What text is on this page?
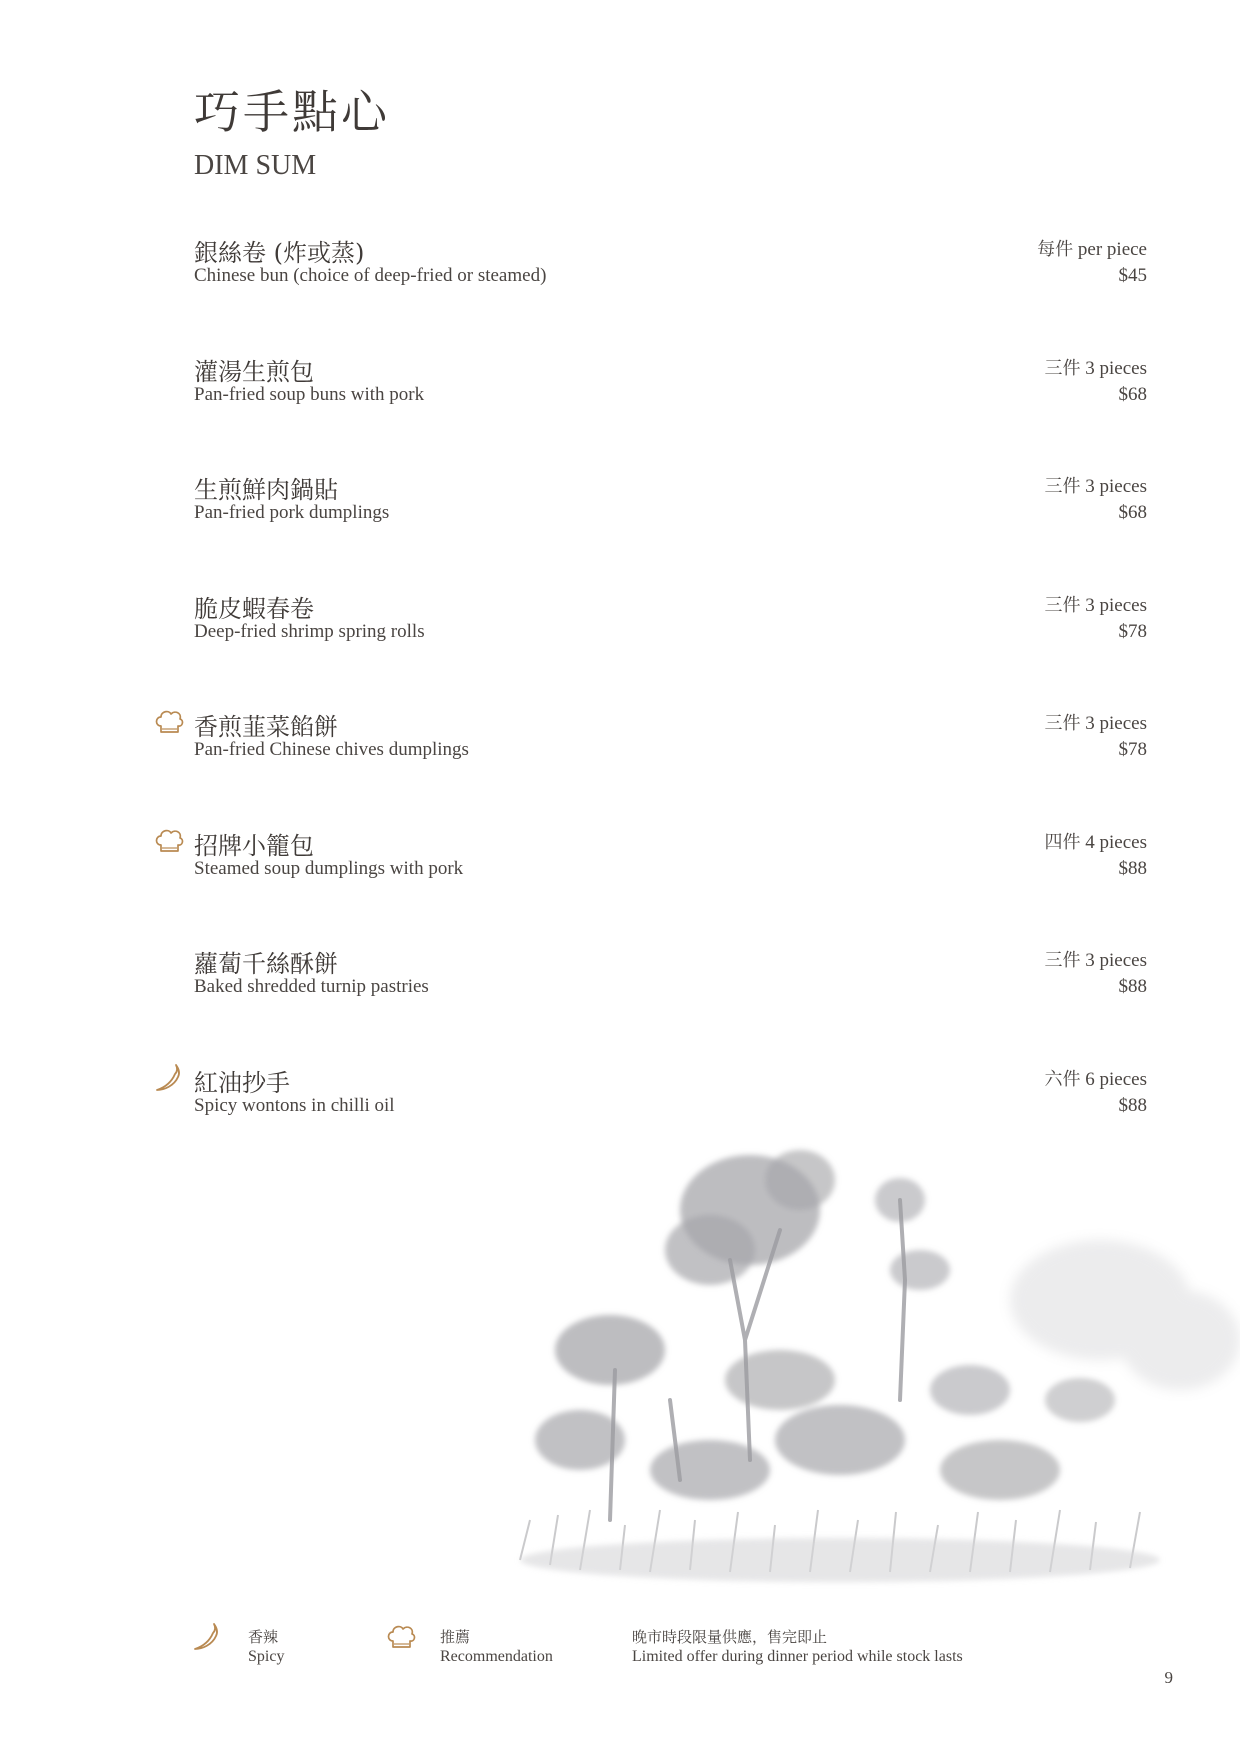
巧手點心
DIM SUM
銀絲卷 (炸或蒸)
Chinese bun (choice of deep-fried or steamed)
每件 per piece
$45
灌湯生煎包
Pan-fried soup buns with pork
三件 3 pieces
$68
生煎鮮肉鍋貼
Pan-fried pork dumplings
三件 3 pieces
$68
脆皮蝦春卷
Deep-fried shrimp spring rolls
三件 3 pieces
$78
香煎韮菜餡餅
Pan-fried Chinese chives dumplings
三件 3 pieces
$78
招牌小籠包
Steamed soup dumplings with pork
四件 4 pieces
$88
蘿蔔千絲酥餅
Baked shredded turnip pastries
三件 3 pieces
$88
紅油抄手
Spicy wontons in chilli oil
六件 6 pieces
$88
香辣
Spicy
推薦
Recommendation
晚市時段限量供應，售完即止
Limited offer during dinner period while stock lasts
9
